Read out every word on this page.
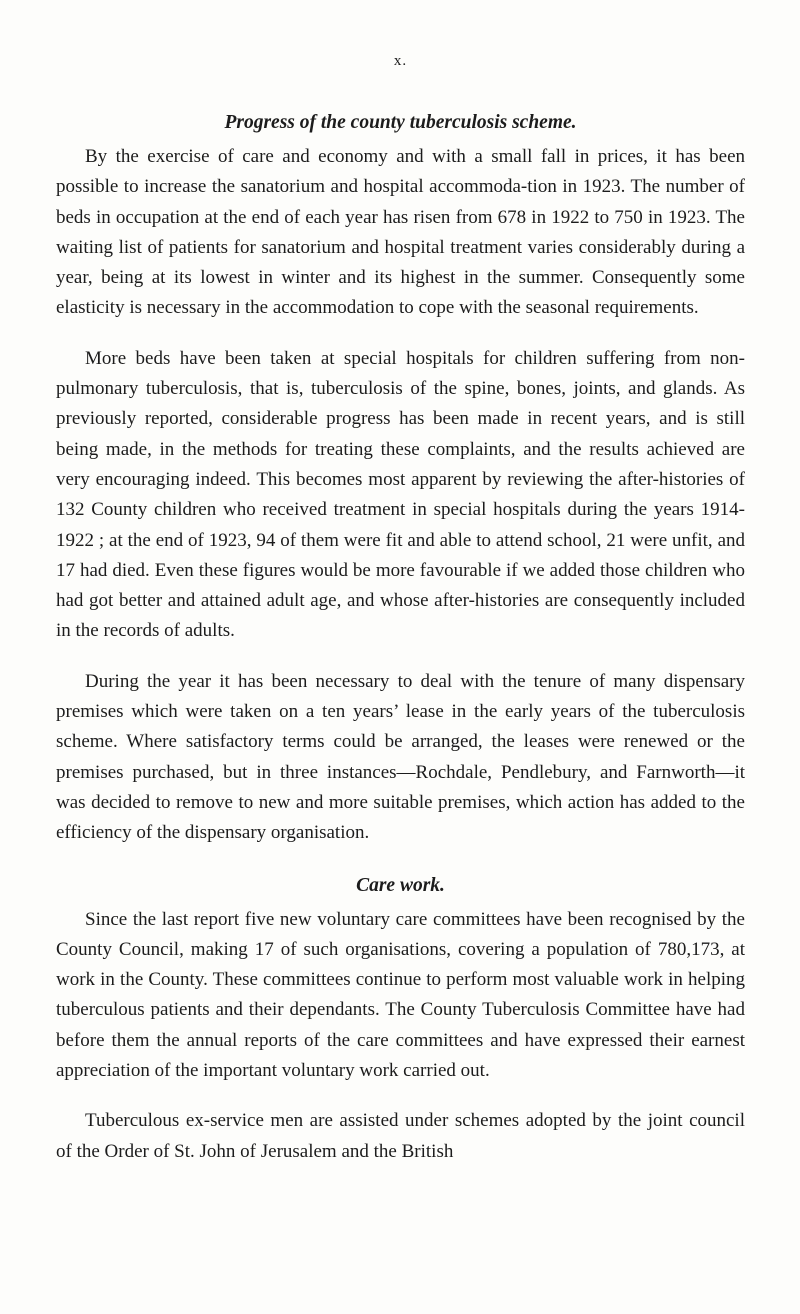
x.
Progress of the county tuberculosis scheme.

By the exercise of care and economy and with a small fall in prices, it has been possible to increase the sanatorium and hospital accommoda-tion in 1923. The number of beds in occupation at the end of each year has risen from 678 in 1922 to 750 in 1923. The waiting list of patients for sanatorium and hospital treatment varies considerably during a year, being at its lowest in winter and its highest in the summer. Consequently some elasticity is necessary in the accommodation to cope with the seasonal requirements.

More beds have been taken at special hospitals for children suffering from non-pulmonary tuberculosis, that is, tuberculosis of the spine, bones, joints, and glands. As previously reported, considerable progress has been made in recent years, and is still being made, in the methods for treating these complaints, and the results achieved are very encouraging indeed. This becomes most apparent by reviewing the after-histories of 132 County children who received treatment in special hospitals during the years 1914-1922 ; at the end of 1923, 94 of them were fit and able to attend school, 21 were unfit, and 17 had died. Even these figures would be more favourable if we added those children who had got better and attained adult age, and whose after-histories are consequently included in the records of adults.

During the year it has been necessary to deal with the tenure of many dispensary premises which were taken on a ten years’ lease in the early years of the tuberculosis scheme. Where satisfactory terms could be arranged, the leases were renewed or the premises purchased, but in three instances—Rochdale, Pendlebury, and Farnworth—it was decided to remove to new and more suitable premises, which action has added to the efficiency of the dispensary organisation.

Care work.

Since the last report five new voluntary care committees have been recognised by the County Council, making 17 of such organisations, covering a population of 780,173, at work in the County. These committees continue to perform most valuable work in helping tuberculous patients and their dependants. The County Tuberculosis Committee have had before them the annual reports of the care committees and have expressed their earnest appreciation of the important voluntary work carried out.

Tuberculous ex-service men are assisted under schemes adopted by the joint council of the Order of St. John of Jerusalem and the British
